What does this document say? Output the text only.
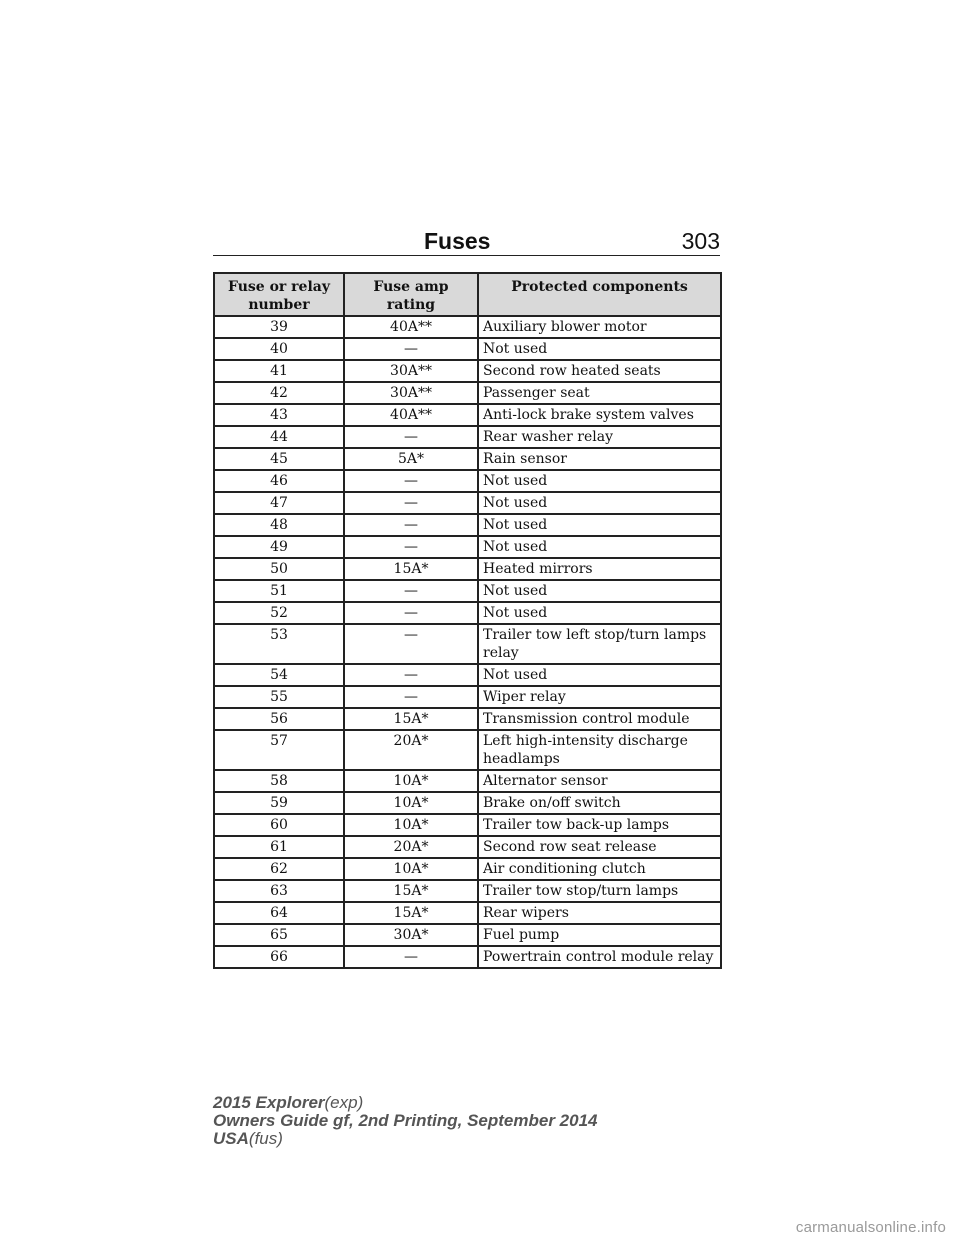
Fuses	303
Fuse or relay number	Fuse amp rating	Protected components
39	40A**	Auxiliary blower motor
40	—	Not used
41	30A**	Second row heated seats
42	30A**	Passenger seat
43	40A**	Anti-lock brake system valves
44	—	Rear washer relay
45	5A*	Rain sensor
46	—	Not used
47	—	Not used
48	—	Not used
49	—	Not used
50	15A*	Heated mirrors
51	—	Not used
52	—	Not used
53	—	Trailer tow left stop/turn lamps relay
54	—	Not used
55	—	Wiper relay
56	15A*	Transmission control module
57	20A*	Left high-intensity discharge headlamps
58	10A*	Alternator sensor
59	10A*	Brake on/off switch
60	10A*	Trailer tow back-up lamps
61	20A*	Second row seat release
62	10A*	Air conditioning clutch
63	15A*	Trailer tow stop/turn lamps
64	15A*	Rear wipers
65	30A*	Fuel pump
66	—	Powertrain control module relay
2015 Explorer(exp)
Owners Guide gf, 2nd Printing, September 2014
USA(fus)
carmanualsonline.info
